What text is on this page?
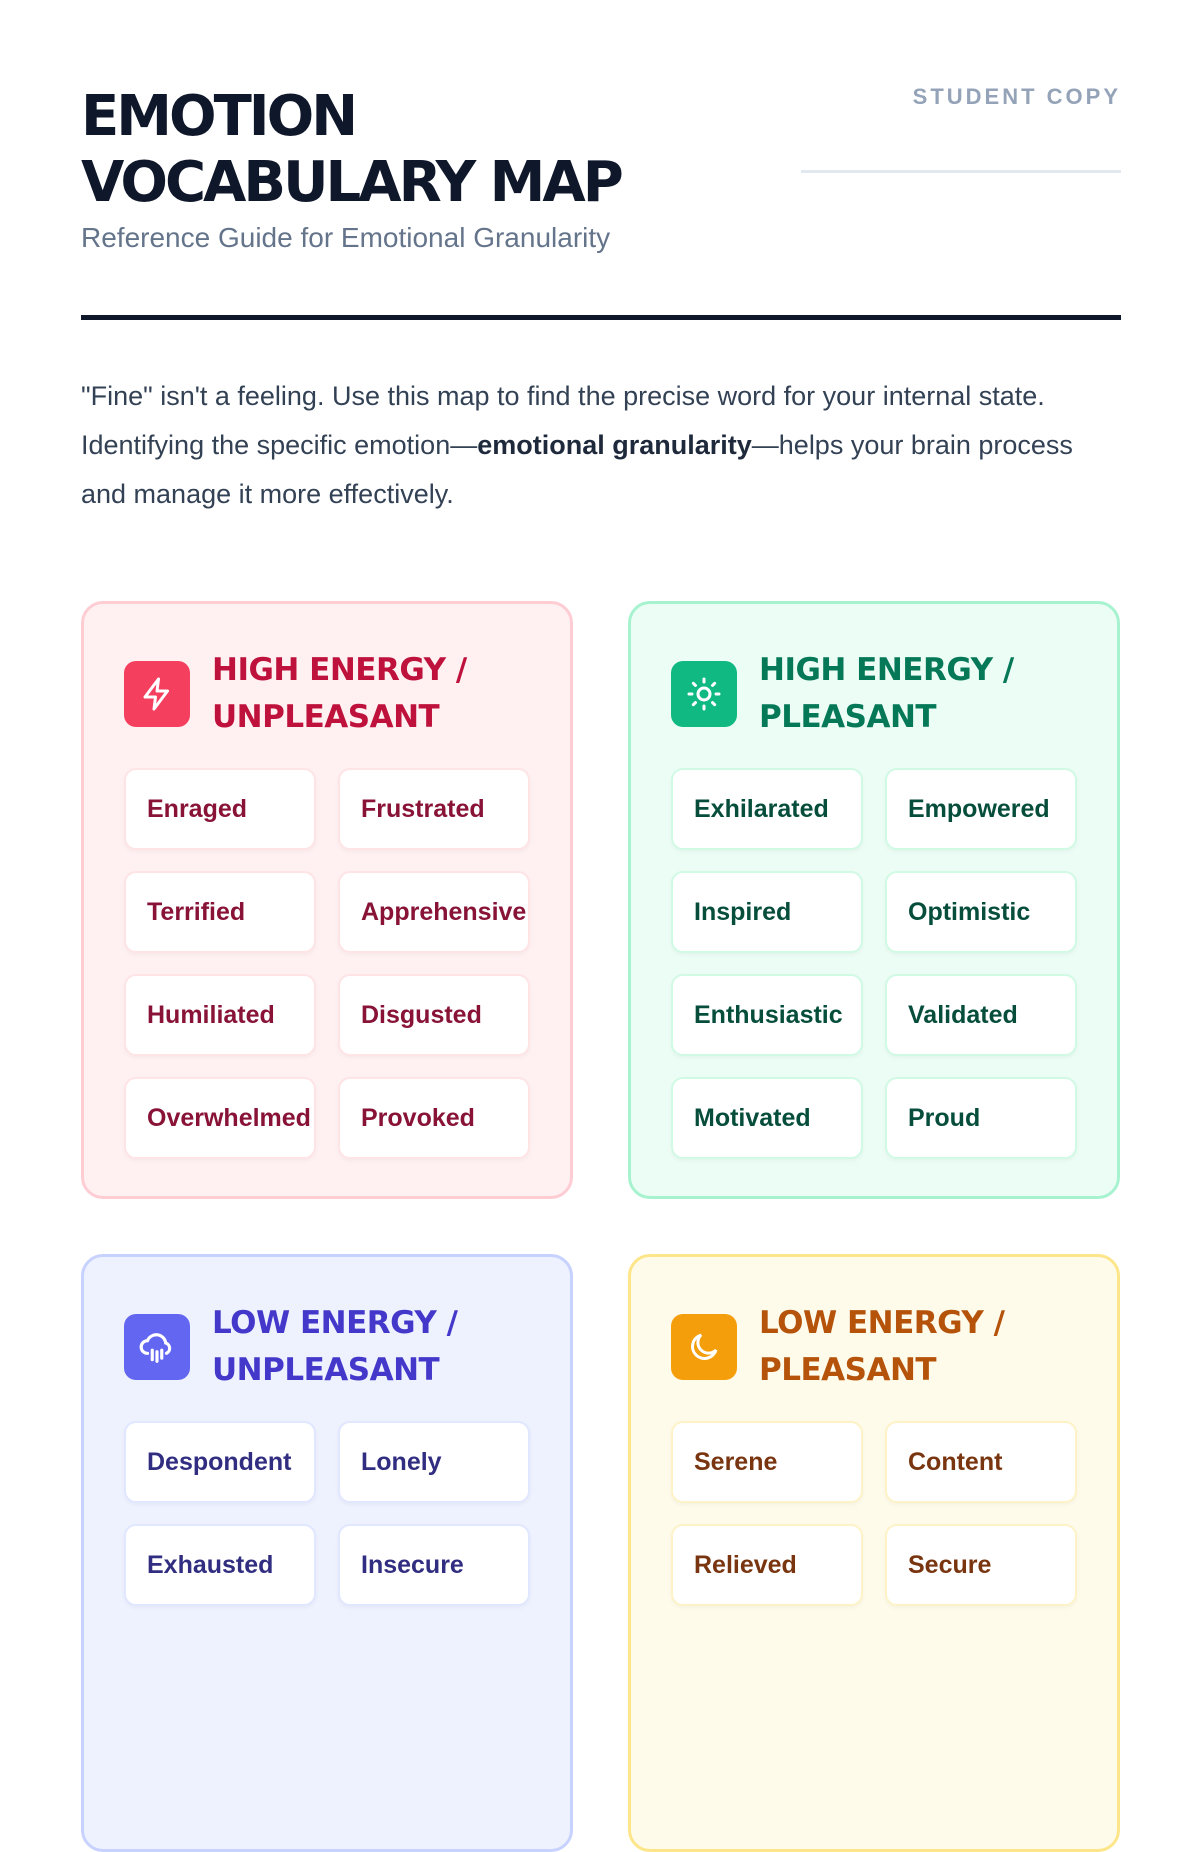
EMOTION
VOCABULARY MAP
Reference Guide for Emotional Granularity
STUDENT COPY

"Fine" isn't a feeling. Use this map to find the precise word for your internal state. Identifying the specific emotion—emotional granularity—helps your brain process and manage it more effectively.

HIGH ENERGY /
UNPLEASANT
Enraged	Frustrated
Terrified	Apprehensive
Humiliated	Disgusted
Overwhelmed	Provoked
HIGH ENERGY /
PLEASANT
Exhilarated	Empowered
Inspired	Optimistic
Enthusiastic	Validated
Motivated	Proud
LOW ENERGY /
UNPLEASANT
Despondent	Lonely
Exhausted	Insecure
LOW ENERGY /
PLEASANT
Serene	Content
Relieved	Secure
